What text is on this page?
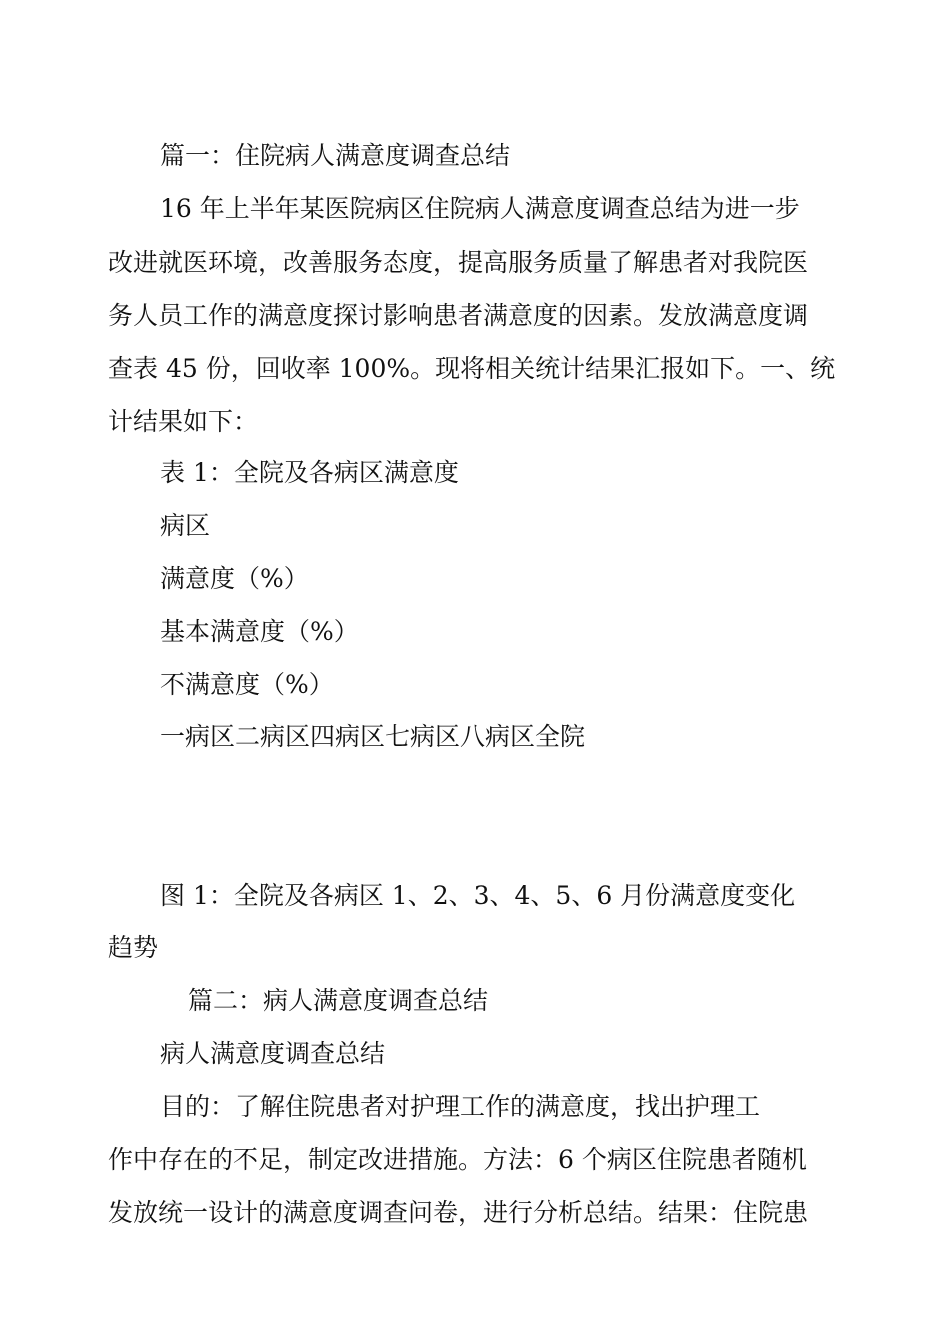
篇一：住院病人满意度调查总结
16 年上半年某医院病区住院病人满意度调查总结为进一步
改进就医环境，改善服务态度，提高服务质量了解患者对我院医
务人员工作的满意度探讨影响患者满意度的因素。发放满意度调
查表 45 份，回收率 100%。现将相关统计结果汇报如下。一、统
计结果如下：
表 1：全院及各病区满意度
病区
满意度（%）
基本满意度（%）
不满意度（%）
一病区二病区四病区七病区八病区全院
图 1：全院及各病区 1、2、3、4、5、6 月份满意度变化
趋势
篇二：病人满意度调查总结
病人满意度调查总结
目的：了解住院患者对护理工作的满意度，找出护理工
作中存在的不足，制定改进措施。方法：6 个病区住院患者随机
发放统一设计的满意度调查问卷，进行分析总结。结果：住院患
